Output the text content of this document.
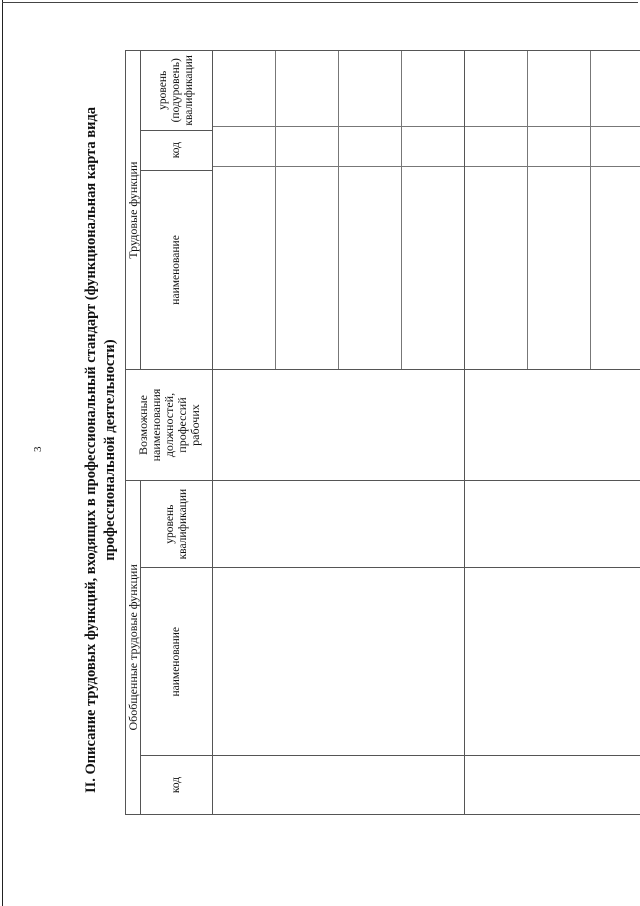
3	II. Описание трудовых функций, входящих в профессиональный стандарт (функциональная карта вида профессиональной деятельности)
Обобщенные трудовые функции	Возможные наименования должностей, профессий рабочих	Трудовые функции
код	наименование	уровень квалификации	наименование	код	уровень (подуровень) квалификации
